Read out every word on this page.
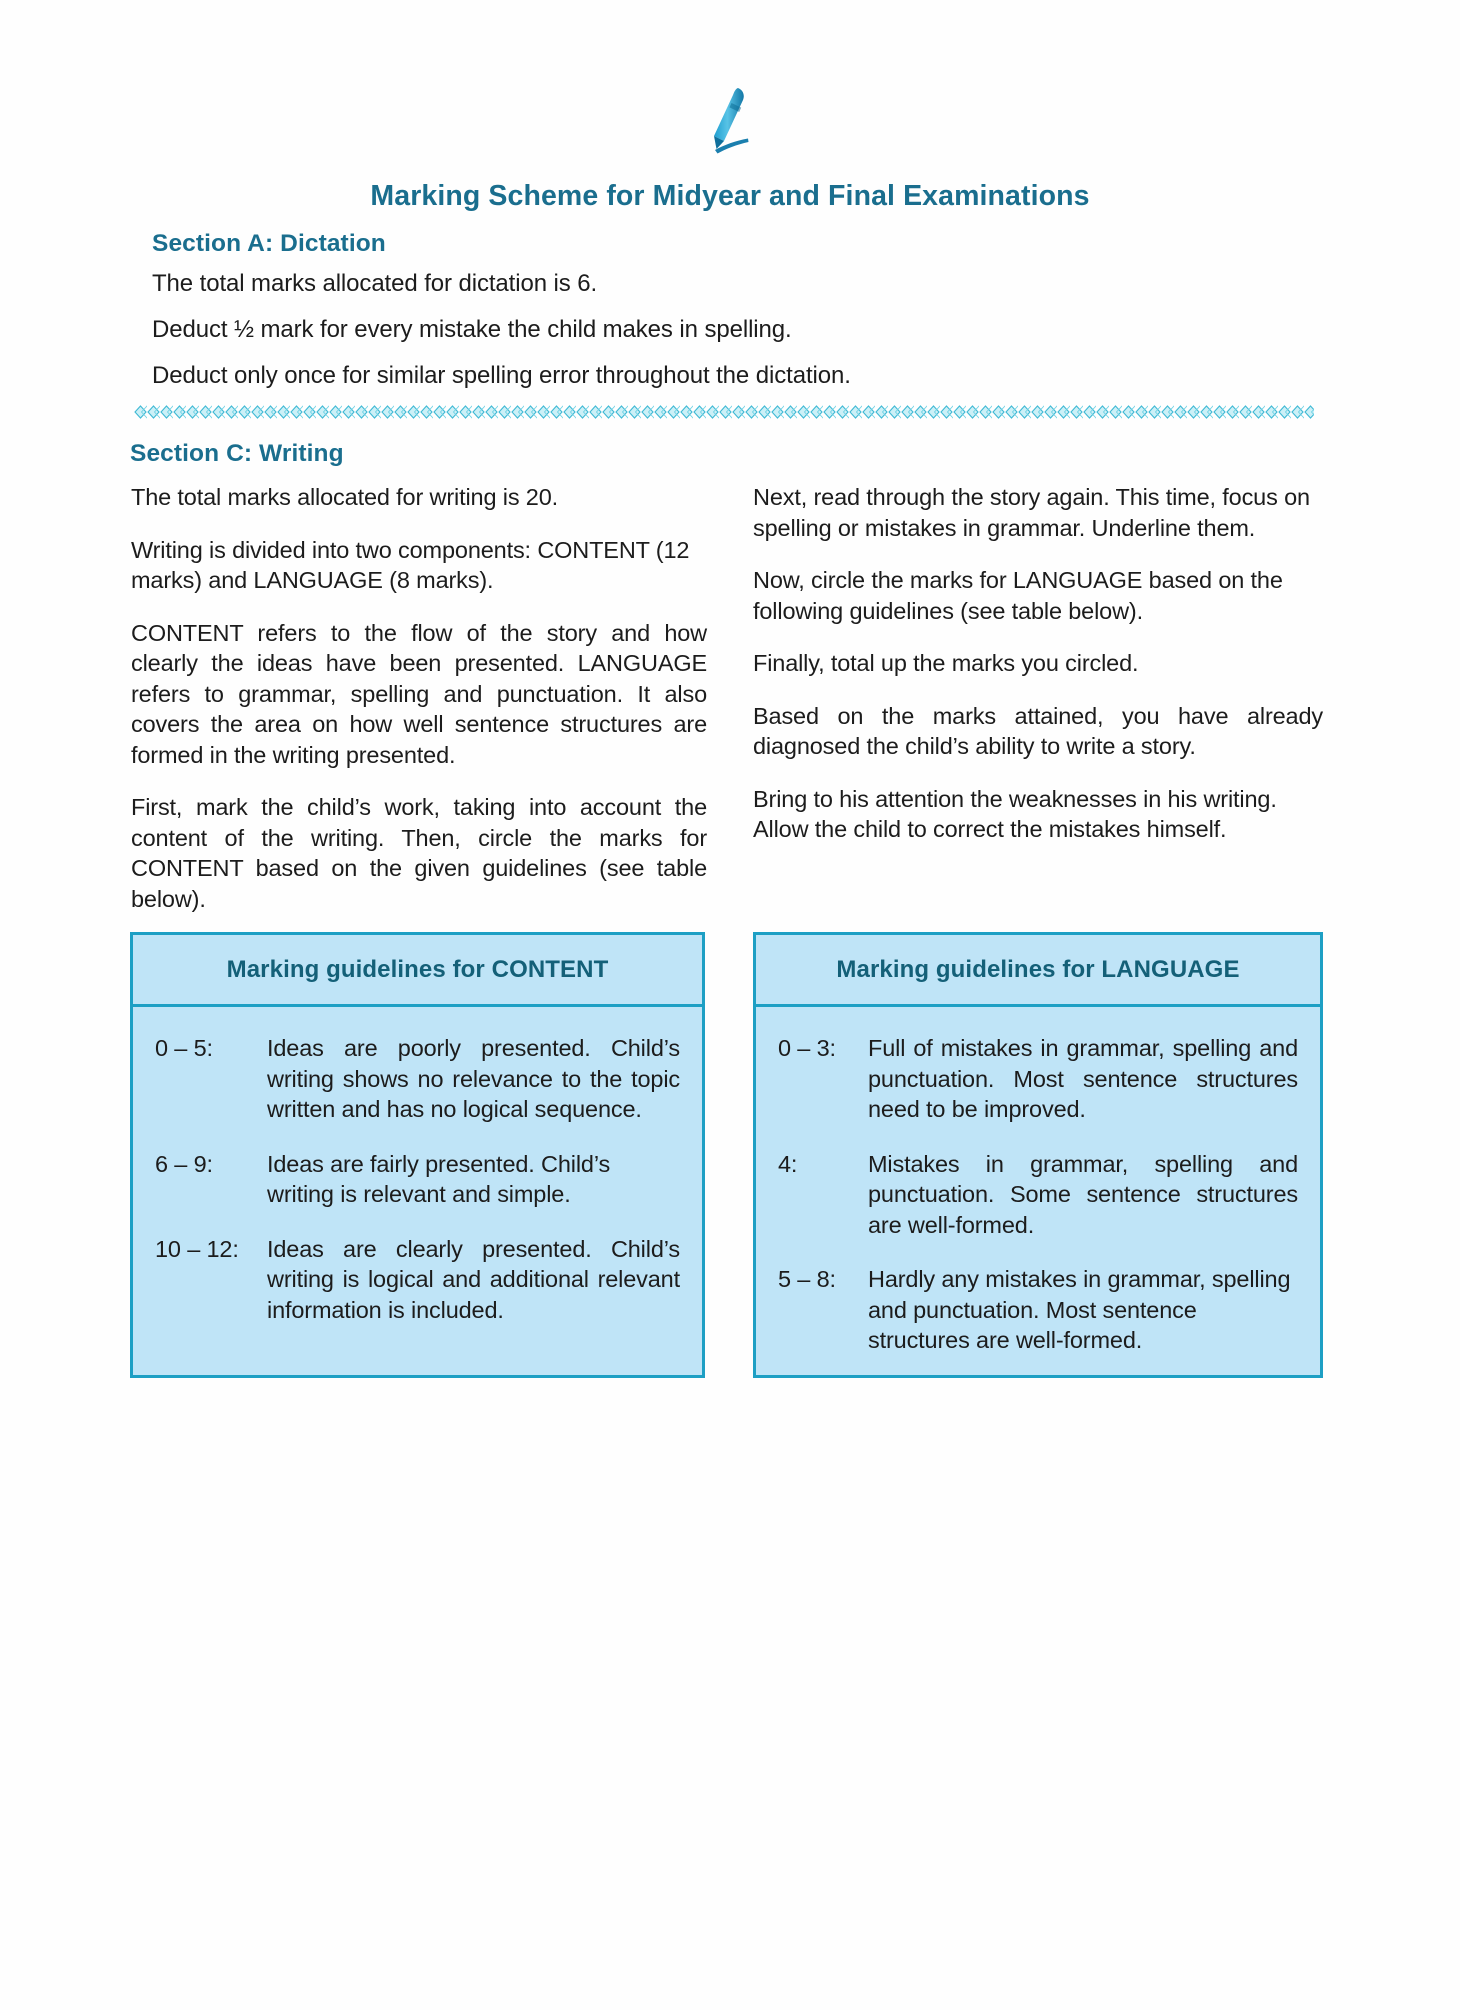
Marking Scheme for Midyear and Final Examinations
Section A: Dictation

The total marks allocated for dictation is 6.

Deduct ½ mark for every mistake the child makes in spelling.

Deduct only once for similar spelling error throughout the dictation.

Section C: Writing

The total marks allocated for writing is 20.

Writing is divided into two components: CONTENT (12 marks) and LANGUAGE (8 marks).

CONTENT refers to the flow of the story and how clearly the ideas have been presented. LANGUAGE refers to grammar, spelling and punctuation. It also covers the area on how well sentence structures are formed in the writing presented.

First, mark the child’s work, taking into account the content of the writing. Then, circle the marks for CONTENT based on the given guidelines (see table below).

Next, read through the story again. This time, focus on spelling or mistakes in grammar. Underline them.

Now, circle the marks for LANGUAGE based on the following guidelines (see table below).

Finally, total up the marks you circled.

Based on the marks attained, you have already diagnosed the child’s ability to write a story.

Bring to his attention the weaknesses in his writing. Allow the child to correct the mistakes himself.

Marking guidelines for CONTENT
0 – 5:	Ideas are poorly presented. Child’s writing shows no relevance to the topic written and has no logical sequence.
6 – 9:	Ideas are fairly presented. Child’s writing is relevant and simple.
10 – 12:	Ideas are clearly presented. Child’s writing is logical and additional relevant information is included.
Marking guidelines for LANGUAGE
0 – 3:	Full of mistakes in grammar, spelling and punctuation. Most sentence structures need to be improved.
4:	Mistakes in grammar, spelling and punctuation. Some sentence structures are well-formed.
5 – 8:	Hardly any mistakes in grammar, spelling and punctuation. Most sentence structures are well-formed.
